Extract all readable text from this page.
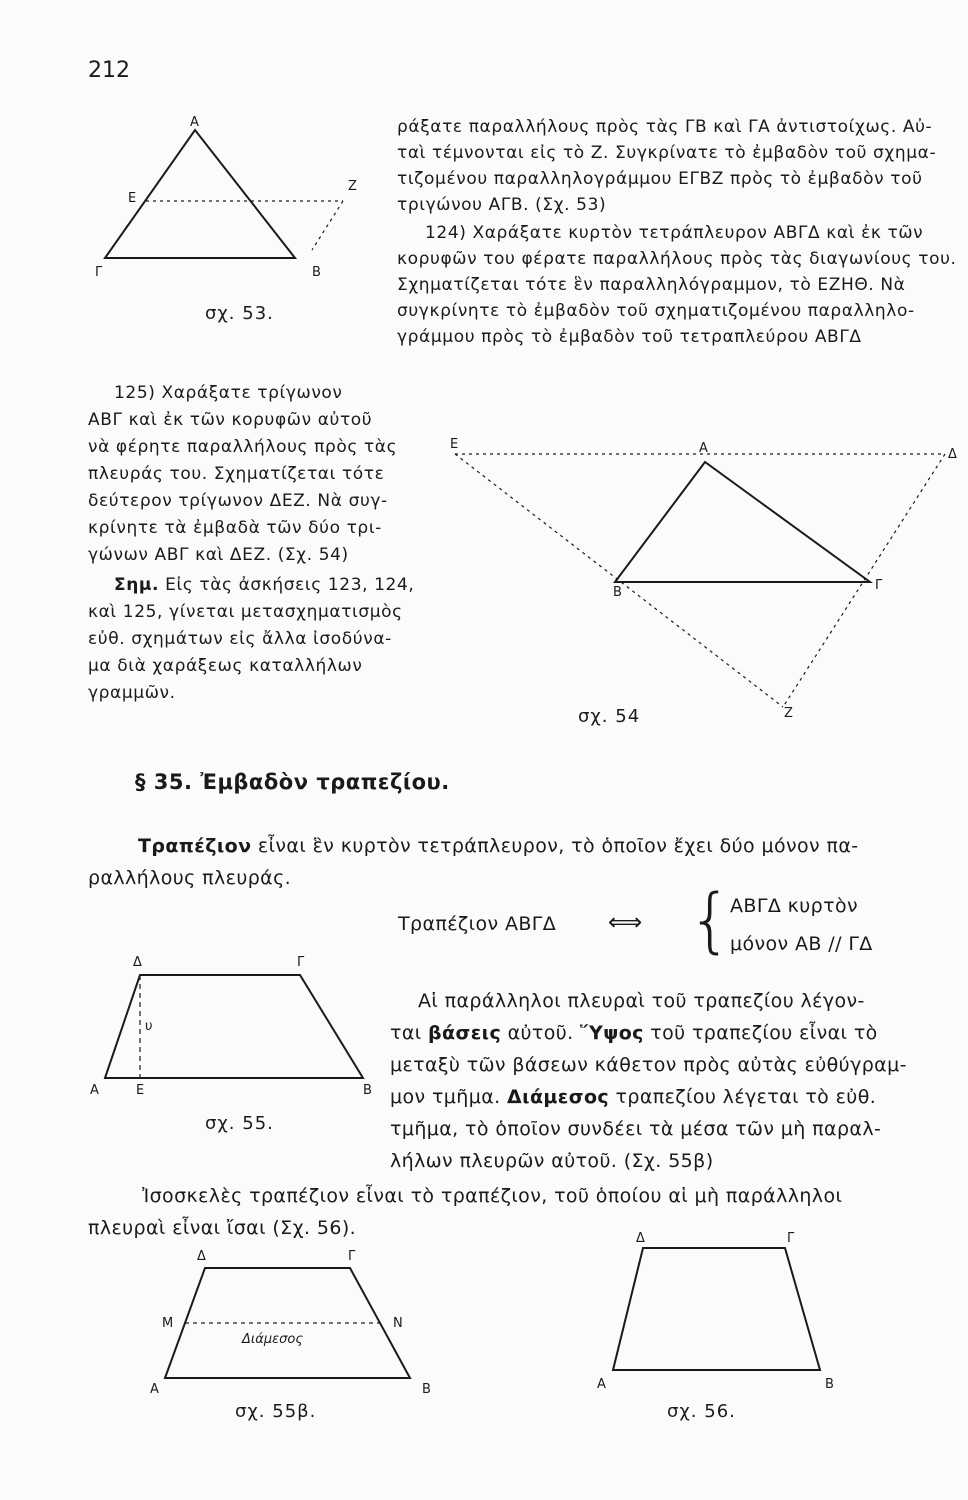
212
Α
Ε
Ζ
Γ	Β
σχ. 53.

ράξατε παραλλήλους πρὸς τὰς ΓΒ καὶ ΓΑ ἀντιστοίχως. Αὐ-
ταὶ τέμνονται εἰς τὸ Ζ. Συγκρίνατε τὸ ἐμβαδὸν τοῦ σχημα-
τιζομένου παραλληλογράμμου ΕΓΒΖ πρὸς τὸ ἐμβαδὸν τοῦ
τριγώνου ΑΓΒ. (Σχ. 53)

124) Χαράξατε κυρτὸν τετράπλευρον ΑΒΓΔ καὶ ἐκ τῶν
κορυφῶν του φέρατε παραλλήλους πρὸς τὰς διαγωνίους του.
Σχηματίζεται τότε ἓν παραλληλόγραμμον, τὸ ΕΖΗΘ. Νὰ
συγκρίνητε τὸ ἐμβαδὸν τοῦ σχηματιζομένου παραλληλο-
γράμμου πρὸς τὸ ἐμβαδὸν τοῦ τετραπλεύρου ΑΒΓΔ

125) Χαράξατε τρίγωνον
ΑΒΓ καὶ ἐκ τῶν κορυφῶν αὐτοῦ
νὰ φέρητε παραλλήλους πρὸς τὰς
πλευράς του. Σχηματίζεται τότε
δεύτερον τρίγωνον ΔΕΖ. Νὰ συγ-
κρίνητε τὰ ἐμβαδὰ τῶν δύο τρι-
γώνων ΑΒΓ καὶ ΔΕΖ. (Σχ. 54)

Σημ. Εἰς τὰς ἀσκήσεις 123, 124,
καὶ 125, γίνεται μετασχηματισμὸς
εὐθ. σχημάτων εἰς ἄλλα ἰσοδύνα-
μα διὰ χαράξεως καταλλήλων
γραμμῶν.

Ε	Α	Δ
Β	Γ
Ζ
σχ. 54
§ 35. Ἐμβαδὸν τραπεζίου.
Τραπέζιον εἶναι ἓν κυρτὸν τετράπλευρον, τὸ ὁποῖον ἔχει δύο μόνον πα-
ραλλήλους πλευράς.
Τραπέζιον ΑΒΓΔ ⟺ {
ΑΒΓΔ κυρτὸν
μόνον ΑΒ // ΓΔ
Δ	Γ
υ
Α	Ε	Β
σχ. 55.
Αἱ παράλληλοι πλευραὶ τοῦ τραπεζίου λέγον-
ται βάσεις αὐτοῦ. Ὕψος τοῦ τραπεζίου εἶναι τὸ
μεταξὺ τῶν βάσεων κάθετον πρὸς αὐτὰς εὐθύγραμ-
μον τμῆμα. Διάμεσος τραπεζίου λέγεται τὸ εὐθ.
τμῆμα, τὸ ὁποῖον συνδέει τὰ μέσα τῶν μὴ παραλ-
λήλων πλευρῶν αὐτοῦ. (Σχ. 55β)
Ἰσοσκελὲς τραπέζιον εἶναι τὸ τραπέζιον, τοῦ ὁποίου αἱ μὴ παράλληλοι
πλευραὶ εἶναι ἴσαι (Σχ. 56).
Δ	Γ
Μ	Ν
Διάμεσος
Α	Β
σχ. 55β.
Δ	Γ
Α	Β
σχ. 56.
